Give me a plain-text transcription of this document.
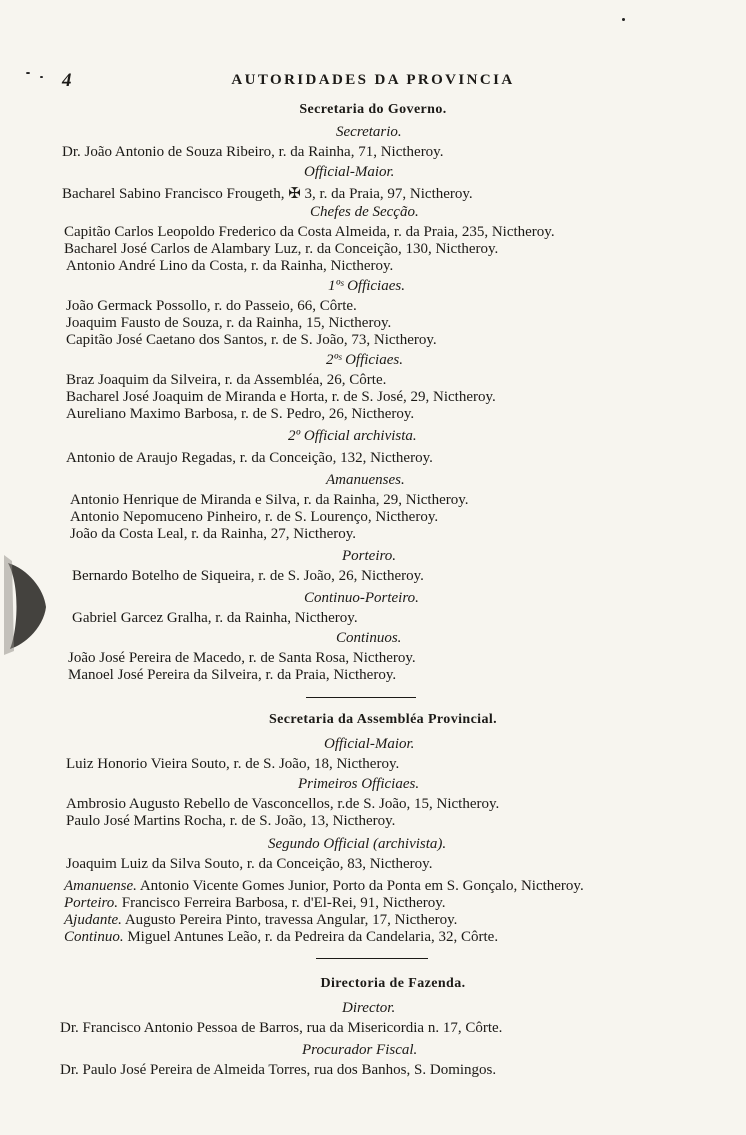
4	AUTORIDADES DA PROVINCIA
Secretaria do Governo.
Secretario.
Dr. João Antonio de Souza Ribeiro, r. da Rainha, 71, Nictheroy.
Official-Maior.
Bacharel Sabino Francisco Frougeth, ✠ 3, r. da Praia, 97, Nictheroy.
Chefes de Secção.
Capitão Carlos Leopoldo Frederico da Costa Almeida, r. da Praia, 235, Nictheroy.
Bacharel José Carlos de Alambary Luz, r. da Conceição, 130, Nictheroy.
Antonio André Lino da Costa, r. da Rainha, Nictheroy.
1ºˢ Officiaes.
João Germack Possollo, r. do Passeio, 66, Côrte.
Joaquim Fausto de Souza, r. da Rainha, 15, Nictheroy.
Capitão José Caetano dos Santos, r. de S. João, 73, Nictheroy.
2ºˢ Officiaes.
Braz Joaquim da Silveira, r. da Assembléa, 26, Côrte.
Bacharel José Joaquim de Miranda e Horta, r. de S. José, 29, Nictheroy.
Aureliano Maximo Barbosa, r. de S. Pedro, 26, Nictheroy.
2º Official archivista.
Antonio de Araujo Regadas, r. da Conceição, 132, Nictheroy.
Amanuenses.
Antonio Henrique de Miranda e Silva, r. da Rainha, 29, Nictheroy.
Antonio Nepomuceno Pinheiro, r. de S. Lourenço, Nictheroy.
João da Costa Leal, r. da Rainha, 27, Nictheroy.
Porteiro.
Bernardo Botelho de Siqueira, r. de S. João, 26, Nictheroy.
Continuo-Porteiro.
Gabriel Garcez Gralha, r. da Rainha, Nictheroy.
Continuos.
João José Pereira de Macedo, r. de Santa Rosa, Nictheroy.
Manoel José Pereira da Silveira, r. da Praia, Nictheroy.
Secretaria da Assembléa Provincial.
Official-Maior.
Luiz Honorio Vieira Souto, r. de S. João, 18, Nictheroy.
Primeiros Officiaes.
Ambrosio Augusto Rebello de Vasconcellos, r.de S. João, 15, Nictheroy.
Paulo José Martins Rocha, r. de S. João, 13, Nictheroy.
Segundo Official (archivista).
Joaquim Luiz da Silva Souto, r. da Conceição, 83, Nictheroy.
Amanuense. Antonio Vicente Gomes Junior, Porto da Ponta em S. Gonçalo, Nictheroy.
Porteiro. Francisco Ferreira Barbosa, r. d'El-Rei, 91, Nictheroy.
Ajudante. Augusto Pereira Pinto, travessa Angular, 17, Nictheroy.
Continuo. Miguel Antunes Leão, r. da Pedreira da Candelaria, 32, Côrte.
Directoria de Fazenda.
Director.
Dr. Francisco Antonio Pessoa de Barros, rua da Misericordia n. 17, Côrte.
Procurador Fiscal.
Dr. Paulo José Pereira de Almeida Torres, rua dos Banhos, S. Domingos.
